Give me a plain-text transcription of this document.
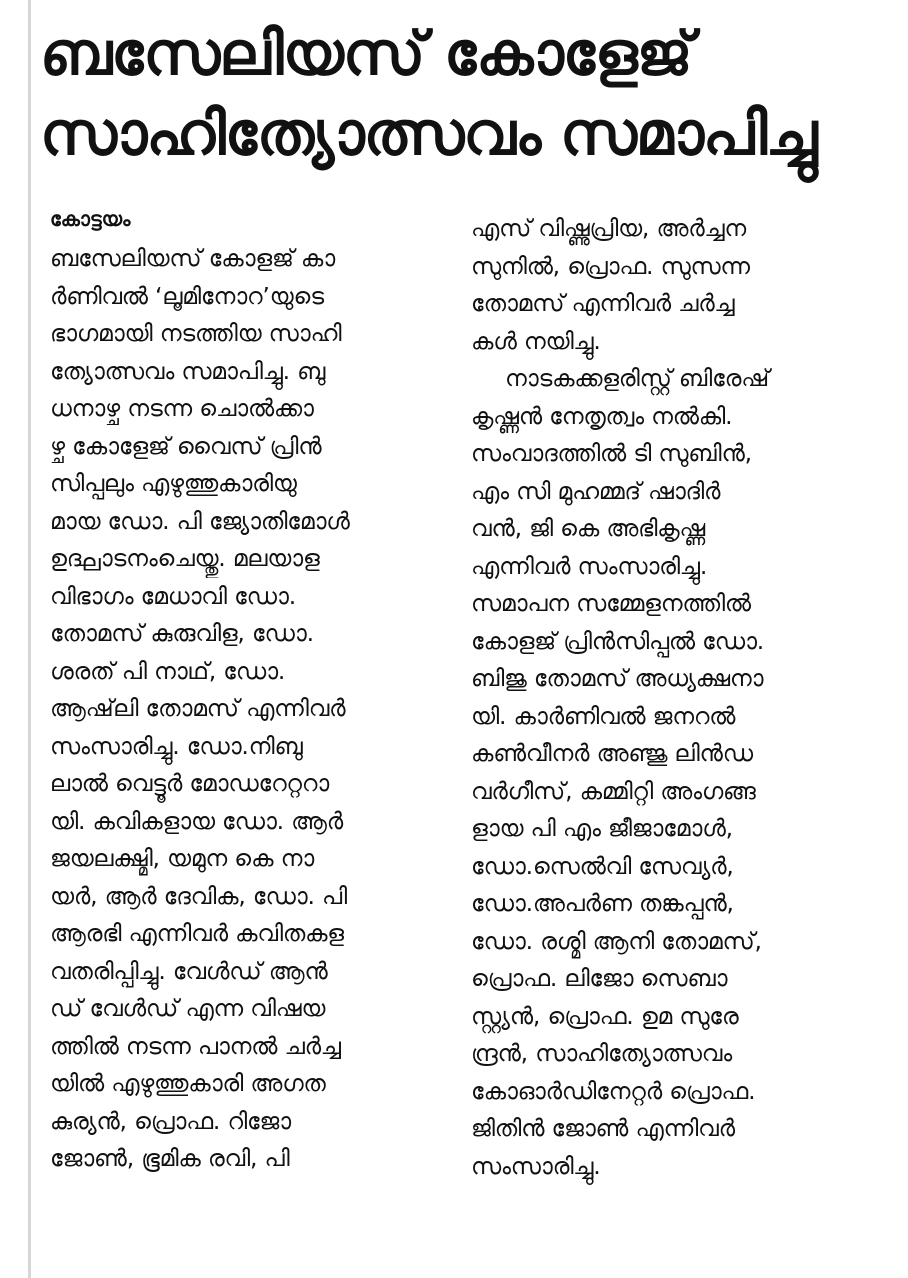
ബസേലിയസ് കോളേജ്
സാഹിത്യോത്സവം സമാപിച്ചു
കോട്ടയം
ബസേലിയസ് കോളജ് കാ
ർണിവൽ ‘ലൂമിനോറ’യുടെ
ഭാഗമായി നടത്തിയ സാഹി
ത്യോത്സവം സമാപിച്ചു. ബു
ധനാഴ്ച നടന്ന ചൊൽക്കാ
ഴ്ച കോളേജ് വൈസ് പ്രിൻ
സിപ്പലും എഴുത്തുകാരിയു
മായ ഡോ. പി ജ്യോതിമോൾ
ഉദ്ഘാടനംചെയ്തു. മലയാള
വിഭാഗം മേധാവി ഡോ.
തോമസ് കുരുവിള, ഡോ.
ശരത് പി നാഥ്, ഡോ.
ആഷ്‌ലി തോമസ് എന്നിവർ
സംസാരിച്ചു. ഡോ.നിബു
ലാൽ വെട്ടൂർ മോഡറേറ്ററാ
യി. കവികളായ ഡോ. ആർ
ജയലക്ഷ്മി, യമുന കെ നാ
യർ, ആർ ദേവിക, ഡോ. പി
ആരഭി എന്നിവർ കവിതകള
വതരിപ്പിച്ചു. വേൾഡ് ആൻ
ഡ് വേൾഡ് എന്ന വിഷയ
ത്തിൽ നടന്ന പാനൽ ചർച്ച
യിൽ എഴുത്തുകാരി അഗത
കുര്യൻ, പ്രൊഫ. റിജോ
ജോൺ, ഭൂമിക രവി, പി
എസ് വിഷ്ണുപ്രിയ, അർച്ചന
സുനിൽ, പ്രൊഫ. സുസന്ന
തോമസ് എന്നിവർ ചർച്ച
കൾ നയിച്ചു.
നാടകക്കളരിസ്റ്റ് ബിരേഷ്
കൃഷ്ണൻ നേതൃത്വം നൽകി.
സംവാദത്തിൽ ടി സുബിൻ,
എം സി മുഹമ്മദ് ഷാദിർ
വൻ, ജി കെ അഭികൃഷ്ണ
എന്നിവർ സംസാരിച്ചു.
സമാപന സമ്മേളനത്തിൽ
കോളജ് പ്രിൻസിപ്പൽ ഡോ.
ബിജു തോമസ് അധ്യക്ഷനാ
യി. കാർണിവൽ ജനറൽ
കൺവീനർ അഞ്ജു ലിൻഡ
വർഗീസ്, കമ്മിറ്റി അംഗങ്ങ
ളായ പി എം ജീജാമോൾ,
ഡോ.സെൽവി സേവ്യർ,
ഡോ.അപർണ തങ്കപ്പൻ,
ഡോ. രശ്മി ആനി തോമസ്,
പ്രൊഫ. ലിജോ സെബാ
സ്റ്റ്യൻ, പ്രൊഫ. ഉമ സുരേ
ന്ദ്രൻ, സാഹിത്യോത്സവം
കോഓർഡിനേറ്റർ പ്രൊഫ.
ജിതിൻ ജോൺ എന്നിവർ
സംസാരിച്ചു.
